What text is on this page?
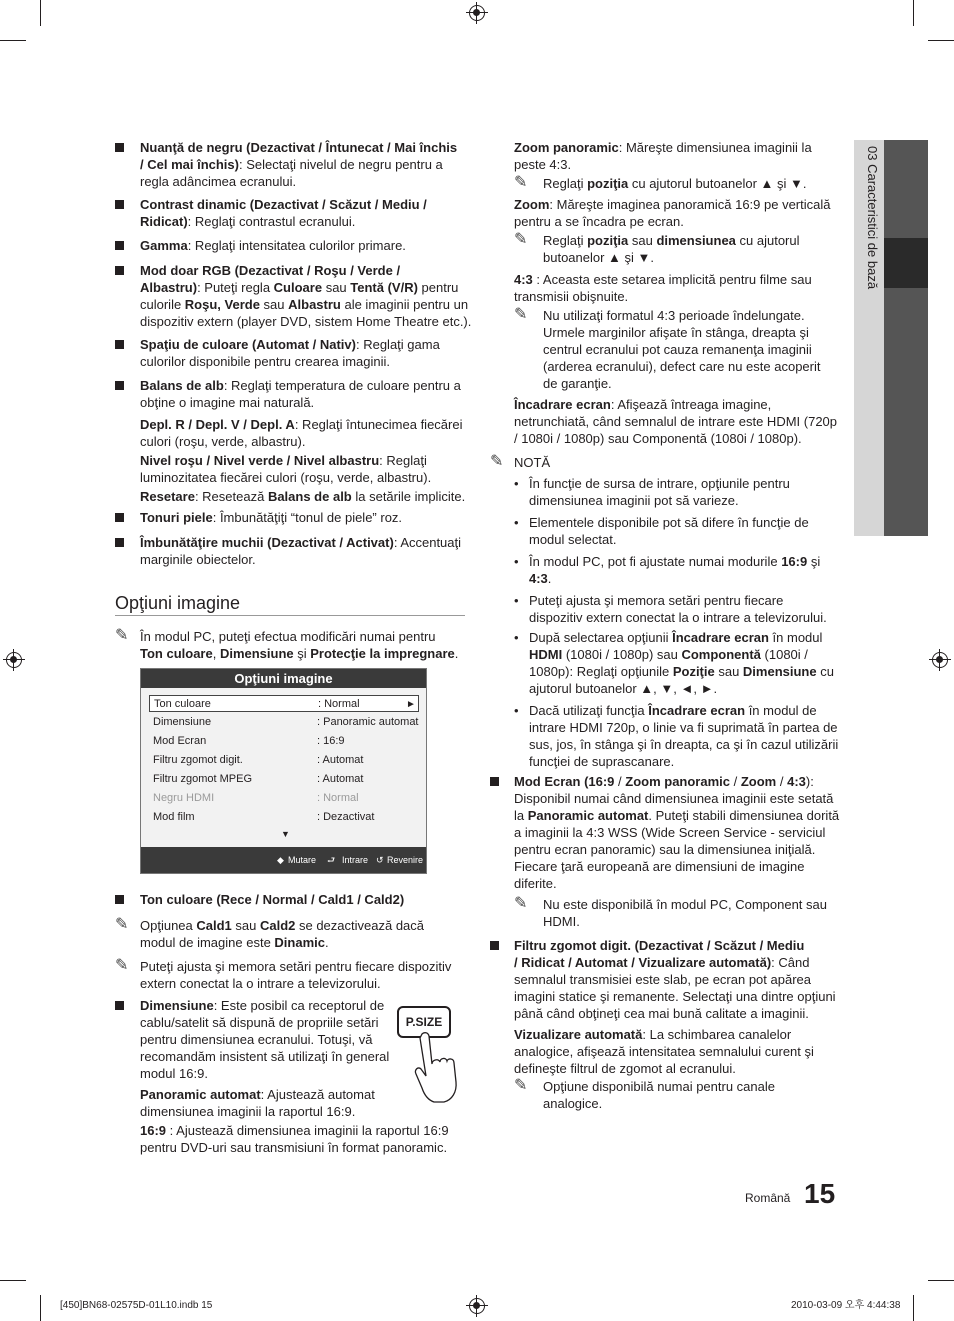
03 Caracteristici de bază
Opţiuni imagine
Opţiuni imagine
Ton culoare	: Normal	►
Dimensiune	: Panoramic automat
Mod Ecran	: 16:9
Filtru zgomot digit.	: Automat
Filtru zgomot MPEG	: Automat
Negru HDMI	: Normal
Mod film	: Dezactivat
▼
◆ Mutare ⮐ Intrare ↺ Revenire
P.SIZE
Română 15
[450]BN68-02575D-01L10.indb 15	2010-03-09 오후 4:44:38
Nuanţă de negru (Dezactivat / Întunecat / Mai închis
/ Cel mai închis): Selectaţi nivelul de negru pentru a
regla adâncimea ecranului.
Contrast dinamic (Dezactivat / Scăzut / Mediu /
Ridicat): Reglaţi contrastul ecranului.
Gamma: Reglaţi intensitatea culorilor primare.
Mod doar RGB (Dezactivat / Roşu / Verde /
Albastru): Puteţi regla Culoare sau Tentă (V/R) pentru
culorile Roşu, Verde sau Albastru ale imaginii pentru un
dispozitiv extern (player DVD, sistem Home Theatre etc.).
Spaţiu de culoare (Automat / Nativ): Reglaţi gama
culorilor disponibile pentru crearea imaginii.
Balans de alb: Reglaţi temperatura de culoare pentru a
obţine o imagine mai naturală.
Depl. R / Depl. V / Depl. A: Reglaţi întunecimea fiecărei
culori (roşu, verde, albastru).
Nivel roşu / Nivel verde / Nivel albastru: Reglaţi
luminozitatea fiecărei culori (roşu, verde, albastru).
Resetare: Resetează Balans de alb la setările implicite.
Tonuri piele: Îmbunătăţiţi “tonul de piele” roz.
Îmbunătăţire muchii (Dezactivat / Activat): Accentuaţi
marginile obiectelor.
✎ În modul PC, puteţi efectua modificări numai pentru
Ton culoare, Dimensiune şi Protecţie la impregnare.
Ton culoare (Rece / Normal / Cald1 / Cald2)
✎ Opţiunea Cald1 sau Cald2 se dezactivează dacă
modul de imagine este Dinamic.
✎ Puteţi ajusta şi memora setări pentru fiecare dispozitiv
extern conectat la o intrare a televizorului.
Dimensiune: Este posibil ca receptorul de
cablu/satelit să dispună de propriile setări
pentru dimensiunea ecranului. Totuşi, vă
recomandăm insistent să utilizaţi în general
modul 16:9.
Panoramic automat: Ajustează automat
dimensiunea imaginii la raportul 16:9.
16:9 : Ajustează dimensiunea imaginii la raportul 16:9
pentru DVD-uri sau transmisiuni în format panoramic.
Zoom panoramic: Măreşte dimensiunea imaginii la
peste 4:3.
✎ Reglaţi poziţia cu ajutorul butoanelor ▲ şi ▼.
Zoom: Măreşte imaginea panoramică 16:9 pe verticală
pentru a se încadra pe ecran.
✎ Reglaţi poziţia sau dimensiunea cu ajutorul
butoanelor ▲ şi ▼.
4:3 : Aceasta este setarea implicită pentru filme sau
transmisii obişnuite.
✎ Nu utilizaţi formatul 4:3 perioade îndelungate.
Urmele marginilor afişate în stânga, dreapta şi
centrul ecranului pot cauza remanenţa imaginii
(arderea ecranului), defect care nu este acoperit
de garanţie.
Încadrare ecran: Afişează întreaga imagine,
netrunchiată, când semnalul de intrare este HDMI (720p
/ 1080i / 1080p) sau Componentă (1080i / 1080p).
✎ NOTĂ
• În funcţie de sursa de intrare, opţiunile pentru
dimensiunea imaginii pot să varieze.
• Elementele disponibile pot să difere în funcţie de
modul selectat.
• În modul PC, pot fi ajustate numai modurile 16:9 şi
4:3.
• Puteţi ajusta şi memora setări pentru fiecare
dispozitiv extern conectat la o intrare a televizorului.
• După selectarea opţiunii Încadrare ecran în modul
HDMI (1080i / 1080p) sau Componentă (1080i /
1080p): Reglaţi opţiunile Poziţie sau Dimensiune cu
ajutorul butoanelor ▲, ▼, ◄, ►.
• Dacă utilizaţi funcţia Încadrare ecran în modul de
intrare HDMI 720p, o linie va fi suprimată în partea de
sus, jos, în stânga şi în dreapta, ca şi în cazul utilizării
funcţiei de suprascanare.
Mod Ecran (16:9 / Zoom panoramic / Zoom / 4:3):
Disponibil numai când dimensiunea imaginii este setată
la Panoramic automat. Puteţi stabili dimensiunea dorită
a imaginii la 4:3 WSS (Wide Screen Service - serviciul
pentru ecran panoramic) sau la dimensiunea iniţială.
Fiecare ţară europeană are dimensiuni de imagine
diferite.
✎ Nu este disponibilă în modul PC, Component sau
HDMI.
Filtru zgomot digit. (Dezactivat / Scăzut / Mediu
/ Ridicat / Automat / Vizualizare automată): Când
semnalul transmisiei este slab, pe ecran pot apărea
imagini statice şi remanente. Selectaţi una dintre opţiuni
până când obţineţi cea mai bună calitate a imaginii.
Vizualizare automată: La schimbarea canalelor
analogice, afişează intensitatea semnalului curent şi
defineşte filtrul de zgomot al ecranului.
✎ Opţiune disponibilă numai pentru canale
analogice.
